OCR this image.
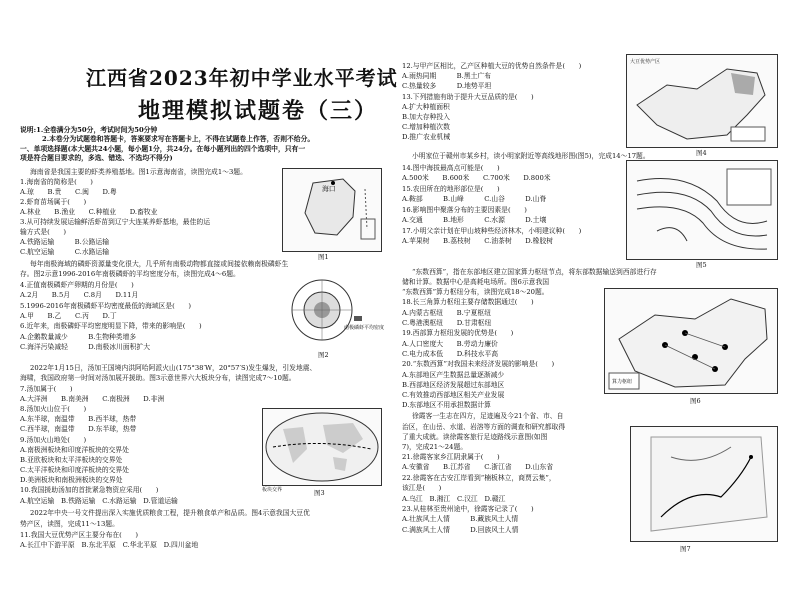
江西省2023年初中学业水平考试
地理模拟试题卷（三）
说明:1.全卷满分为50分，考试时间为50分钟
2.本卷分为试题卷和答题卡，答案要求写在答题卡上，不得在试题卷上作答，否则不给分。
一、单项选择题(本大题共24小题，每小题1分，共24分。在每小题列出的四个选项中，只有一
项是符合题目要求的，多选、错选、不选均不得分)
海南省是我国主要的虾类养殖基地。图1示意海南省，读图完成1～3题。
1.海南省的简称是(　　)
A.琼　　B.贵　　C.闽　　D.粤
2.虾育苗场属于(　　)
A.林业　　B.渔业　　C.种植业　　D.畜牧业
3.从可持续发展运输鲜活虾苗到辽宁大连某养虾基地，最佳的运
输方式是(　　)
A.铁路运输　　　B.公路运输
C.航空运输　　　C.水路运输
每年南极海域的磷虾资源量变化很大，几乎所有南极动物都直接或间接依赖南极磷虾生
存。图2示意1996-2016年南极磷虾的平均密度分布，读图完成4～6题。
4.正值南极磷虾产卵期的月份是(　　)
A.2月　　B.5月　　C.8月　　D.11月
5.1996-2016年南极磷虾平均密度最低的海域区是(　　)
A.甲　　B.乙　　C.丙　　D.丁
6.近年来，南极磷虾平均密度明显下降，带来的影响是(　　)
A.企鹅数量减少　　　B.生物种类增多
C.海洋污染减轻　　　D.南极冰川面积扩大
2022年1月15日，汤加王国境内洪阿哈阿派火山(175°38′W，20°57′S)发生爆发，引发地震、
海啸，我国政府第一时间对汤加展开援助。图3示意世界六大板块分布，读图完成7～10题。
7.汤加属于(　　)
A.大洋洲　　B.南美洲　　C.南极洲　　D.非洲
8.汤加火山位于(　　)
A.东半球，南温带　　B.西半球，热带
C.西半球，南温带　　D.东半球，热带
9.汤加火山地处(　　)
A.南极洲板块和印度洋板块的交界处
B.亚欧板块和太平洋板块的交界处
C.太平洋板块和印度洋板块的交界处
D.美洲板块和南极洲板块的交界处
10.我国援助汤加的首批紧急物资应采用(　　)
A.航空运输　B.铁路运输　C.水路运输　D.管道运输
2022年中央一号文件提出深入实施优质粮食工程，提升粮食单产和品质。图4示意我国大豆优
势产区，读图，完成11～13题。
11.我国大豆优势产区主要分布在(　　)
A.长江中下游平原　B.东北平原　C.华北平原　D.四川盆地
12.与甲产区相比，乙产区种植大豆的优势自然条件是(　　)
A.雨热同期　　　B.黑土广布
C.热量较多　　　D.地势平坦
13.下列措施有助于提升大豆品质的是(　　)
A.扩大种植面积
B.加大存种投入
C.增加种植次数
D.推广农业机械
小明家位于赣州市某乡村，读小明家附近等高线地形图(图5)，完成14～17题。
14.图中海拔最高点可能是(　　)
A.500米　　B.600米　　C.700米　　D.800米
15.农田所在的地形部位是(　　)
A.鞍部　　　B.山峰　　　C.山谷　　　D.山脊
16.影响图中聚落分布的主要因素是(　　)
A.交通　　　B.地形　　　C.水源　　　D.土壤
17.小明父亲计划在甲山坡种些经济林木，小明建议种(　　)
A.苹果树　　B.荔枝树　　C.油茶树　　D.橡胶树
“东数西算”，指在东部地区建立国家算力枢纽节点，将东部数据输送到西部进行存
储和计算。数据中心是高耗电场所。图6示意我国
“东数西算”算力枢纽分布，读图完成18～20题。
18.长三角算力枢纽主要存储数据通过(　　)
A.内蒙古枢纽　　B.宁夏枢纽
C.粤港澳枢纽　　D.甘肃枢纽
19.西部算力枢纽发展的优势是(　　)
A.人口密度大　　B.劳动力廉价
C.电力成本低　　D.科技水平高
20.“东数西算”对我国未来经济发展的影响是(　　)
A.东部地区产生数据总量逐渐减少
B.西部地区经济发展超过东部地区
C.有效推动西部地区相关产业发展
D.东部地区不用承担数据计算
徐霞客一生志在四方，足迹遍及今21个省、市、自
治区，在山岳、水道、岩溶等方面的调查和研究都取得
了重大成就。读徐霞客旅行足迹路线示意图(如图
7)，完成21～24题。
21.徐霞客家乡江阴隶属于(　　)
A.安徽省　　B.江苏省　　C.浙江省　　D.山东省
22.徐霞客在古安江岸看到“楠板林立，商贾云集”，
该江是(　　)
A.乌江　B.湘江　C.汉江　D.赣江
23.从桂林至贵州途中，徐霞客记录了(　　)
A.壮族风土人情　　　B.藏族风土人情
C.满族风土人情　　　D.回族风土人情
海口
图1
南极磷虾平均密度
图2
板块交界	图3
大豆优势产区
图4
图5
算力枢纽
图6
图7
